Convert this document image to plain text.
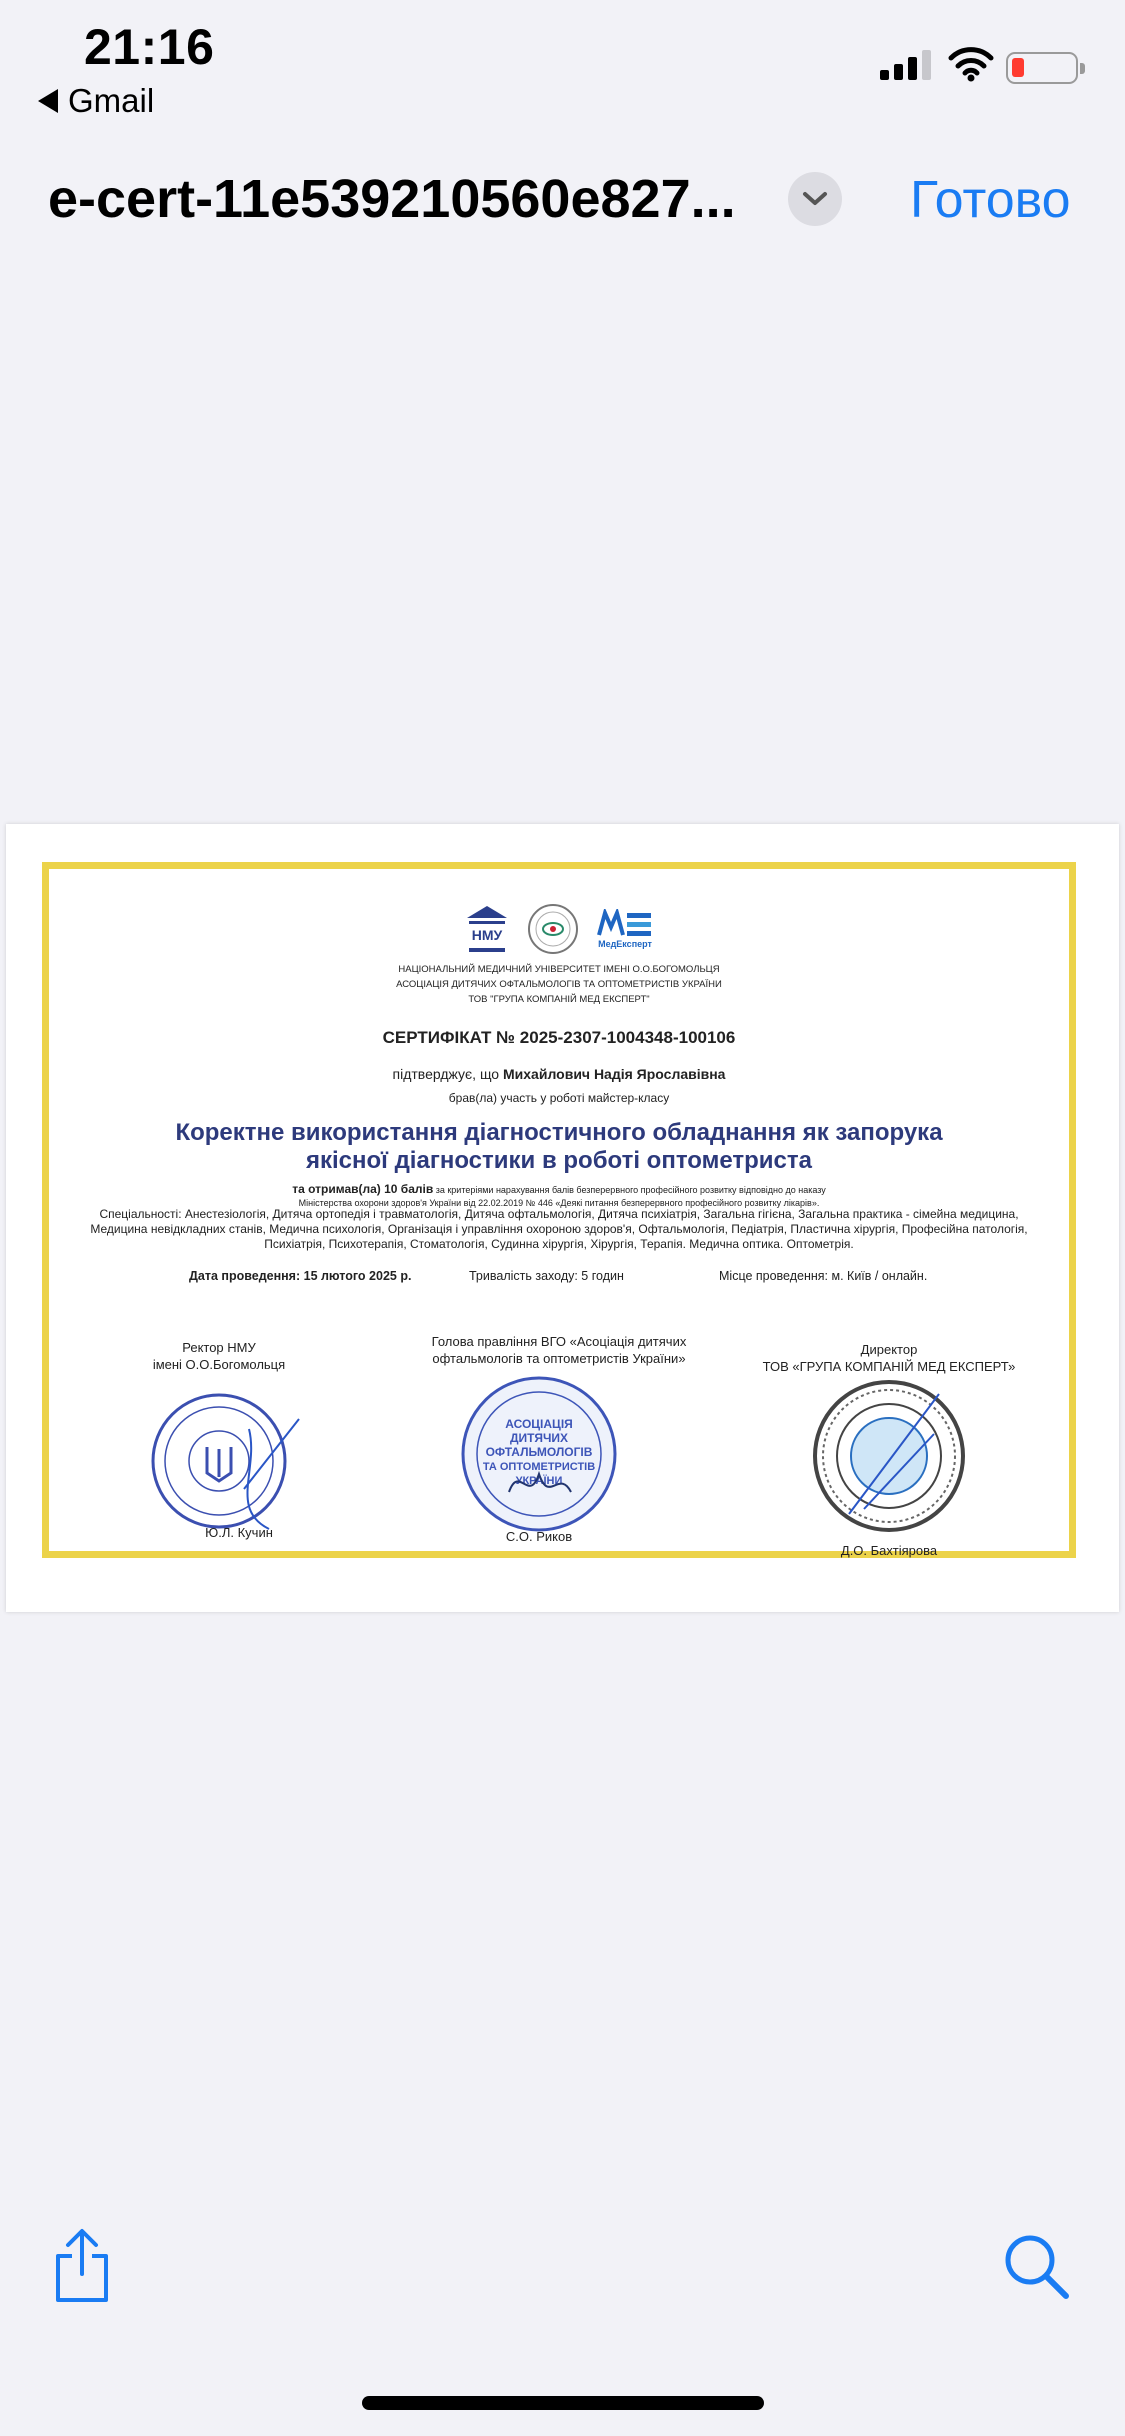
21:16
Gmail
e-cert-11e539210560e827...	Готово
НМУ
МедЕксперт
НАЦІОНАЛЬНИЙ МЕДИЧНИЙ УНІВЕРСИТЕТ ІМЕНІ О.О.БОГОМОЛЬЦЯ
АСОЦІАЦІЯ ДИТЯЧИХ ОФТАЛЬМОЛОГІВ ТА ОПТОМЕТРИСТІВ УКРАЇНИ
ТОВ "ГРУПА КОМПАНІЙ МЕД ЕКСПЕРТ"
СЕРТИФІКАТ № 2025-2307-1004348-100106
підтверджує, що Михайлович Надія Ярославівна
брав(ла) участь у роботі майстер-класу
Коректне використання діагностичного обладнання як запорука
якісної діагностики в роботі оптометриста
та отримав(ла) 10 балів за критеріями нарахування балів безперервного професійного розвитку відповідно до наказу
Міністерства охорони здоров'я України від 22.02.2019 № 446 «Деякі питання безперервного професійного розвитку лікарів».
Спеціальності: Анестезіологія, Дитяча ортопедія і травматологія, Дитяча офтальмологія, Дитяча психіатрія, Загальна гігієна, Загальна практика - сімейна медицина, Медицина невідкладних станів, Медична психологія, Організація і управління охороною здоров'я, Офтальмологія, Педіатрія, Пластична хірургія, Професійна патологія, Психіатрія, Психотерапія, Стоматологія, Судинна хірургія, Хірургія, Терапія. Медична оптика. Оптометрія.
Дата проведення: 15 лютого 2025 р.	Тривалість заходу: 5 годин	Місце проведення: м. Київ / онлайн.
Ректор НМУ
імені О.О.Богомольця
Голова правління ВГО «Асоціація дитячих
офтальмологів та оптометристів України»
Директор
ТОВ «ГРУПА КОМПАНІЙ МЕД ЕКСПЕРТ»
АСОЦІАЦІЯ
ДИТЯЧИХ
ОФТАЛЬМОЛОГІВ
ТА ОПТОМЕТРИСТІВ
УКРАЇНИ
Ю.Л. Кучин	С.О. Риков
Д.О. Бахтіярова
